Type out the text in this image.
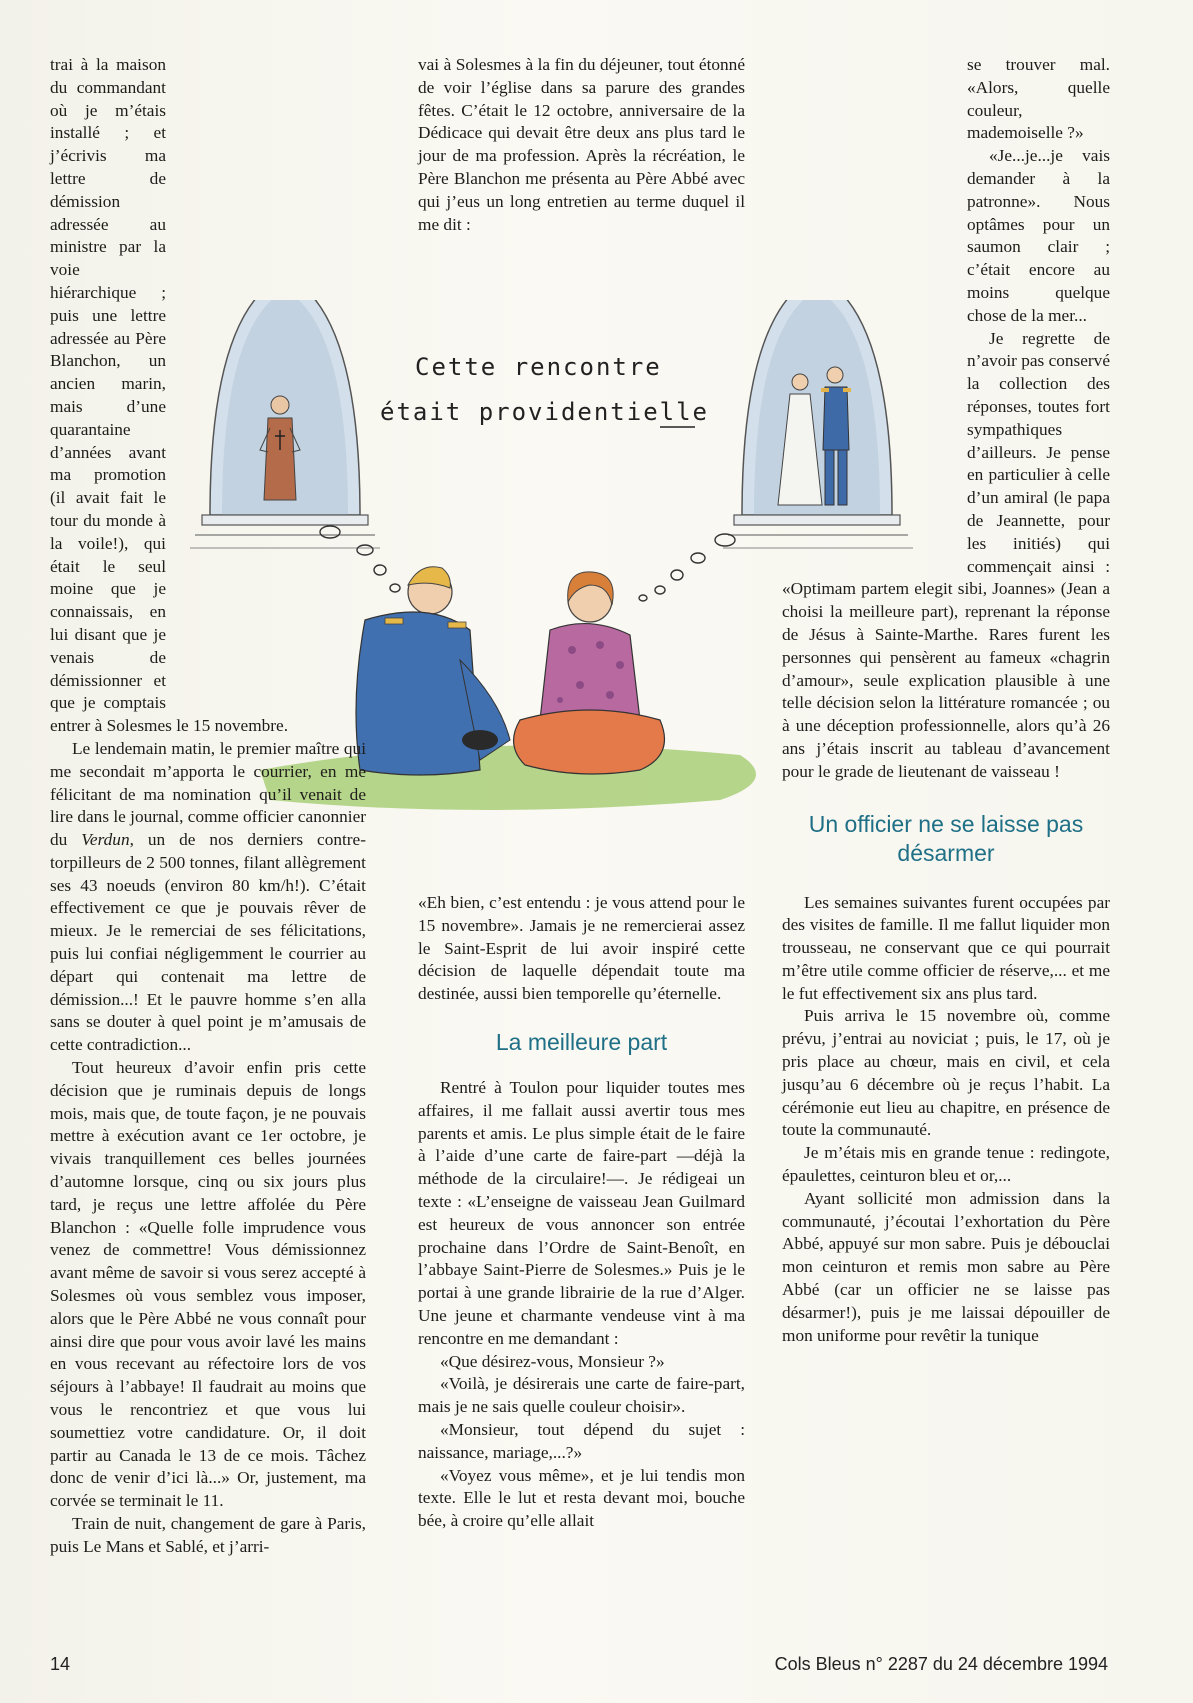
Cette rencontre
était providentielle

trai à la maison du commandant où je m’étais installé ; et j’écrivis ma lettre de démission adressée au ministre par la voie hiérarchique ; puis une lettre adressée au Père Blanchon, un ancien marin, mais d’une quarantaine d’années avant ma promotion (il avait fait le tour du monde à la voile!), qui était le seul moine que je connaissais, en lui disant que je venais de démissionner et que je comptais entrer à Solesmes le 15 novembre.

Le lendemain matin, le premier maître qui me secondait m’apporta le courrier, en me félicitant de ma nomination qu’il venait de lire dans le journal, comme officier canonnier du Verdun, un de nos derniers contre-torpilleurs de 2 500 tonnes, filant allègrement ses 43 noeuds (environ 80 km/h!). C’était effectivement ce que je pouvais rêver de mieux. Je le remerciai de ses félicitations, puis lui confiai négligemment le courrier au départ qui contenait ma lettre de démission...! Et le pauvre homme s’en alla sans se douter à quel point je m’amusais de cette contradiction...

Tout heureux d’avoir enfin pris cette décision que je ruminais depuis de longs mois, mais que, de toute façon, je ne pouvais mettre à exécution avant ce 1er octobre, je vivais tranquillement ces belles journées d’automne lorsque, cinq ou six jours plus tard, je reçus une lettre affolée du Père Blanchon : «Quelle folle imprudence vous venez de commettre! Vous démissionnez avant même de savoir si vous serez accepté à Solesmes où vous semblez vous imposer, alors que le Père Abbé ne vous connaît pour ainsi dire que pour vous avoir lavé les mains en vous recevant au réfectoire lors de vos séjours à l’abbaye! Il faudrait au moins que vous le rencontriez et que vous lui soumettiez votre candidature. Or, il doit partir au Canada le 13 de ce mois. Tâchez donc de venir d’ici là...» Or, justement, ma corvée se terminait le 11.

Train de nuit, changement de gare à Paris, puis Le Mans et Sablé, et j’arri-

vai à Solesmes à la fin du déjeuner, tout étonné de voir l’église dans sa parure des grandes fêtes. C’était le 12 octobre, anniversaire de la Dédicace qui devait être deux ans plus tard le jour de ma profession. Après la récréation, le Père Blanchon me présenta au Père Abbé avec qui j’eus un long entretien au terme duquel il me dit :

«Eh bien, c’est entendu : je vous attend pour le 15 novembre». Jamais je ne remercierai assez le Saint-Esprit de lui avoir inspiré cette décision de laquelle dépendait toute ma destinée, aussi bien temporelle qu’éternelle.

La meilleure part

Rentré à Toulon pour liquider toutes mes affaires, il me fallait aussi avertir tous mes parents et amis. Le plus simple était de le faire à l’aide d’une carte de faire-part —déjà la méthode de la circulaire!—. Je rédigeai un texte : «L’enseigne de vaisseau Jean Guilmard est heureux de vous annoncer son entrée prochaine dans l’Ordre de Saint-Benoît, en l’abbaye Saint-Pierre de Solesmes.» Puis je le portai à une grande librairie de la rue d’Alger. Une jeune et charmante vendeuse vint à ma rencontre en me demandant :

«Que désirez-vous, Monsieur ?»

«Voilà, je désirerais une carte de faire-part, mais je ne sais quelle couleur choisir».

«Monsieur, tout dépend du sujet : naissance, mariage,...?»

«Voyez vous même», et je lui tendis mon texte. Elle le lut et resta devant moi, bouche bée, à croire qu’elle allait

se trouver mal. «Alors, quelle couleur, mademoiselle ?»

«Je...je...je vais demander à la patronne». Nous optâmes pour un saumon clair ; c’était encore au moins quelque chose de la mer...

Je regrette de n’avoir pas conservé la collection des réponses, toutes fort sympathiques d’ailleurs. Je pense en particulier à celle d’un amiral (le papa de Jeannette, pour les initiés) qui commençait ainsi : «Optimam partem elegit sibi, Joannes» (Jean a choisi la meilleure part), reprenant la réponse de Jésus à Sainte-Marthe. Rares furent les personnes qui pensèrent au fameux «chagrin d’amour», seule explication plausible à une telle décision selon la littérature romancée ; ou à une déception professionnelle, alors qu’à 26 ans j’étais inscrit au tableau d’avancement pour le grade de lieutenant de vaisseau !

Un officier ne se laisse pas désarmer

Les semaines suivantes furent occupées par des visites de famille. Il me fallut liquider mon trousseau, ne conservant que ce qui pourrait m’être utile comme officier de réserve,... et me le fut effectivement six ans plus tard.

Puis arriva le 15 novembre où, comme prévu, j’entrai au noviciat ; puis, le 17, où je pris place au chœur, mais en civil, et cela jusqu’au 6 décembre où je reçus l’habit. La cérémonie eut lieu au chapitre, en présence de toute la communauté.

Je m’étais mis en grande tenue : redingote, épaulettes, ceinturon bleu et or,...

Ayant sollicité mon admission dans la communauté, j’écoutai l’exhortation du Père Abbé, appuyé sur mon sabre. Puis je débouclai mon ceinturon et remis mon sabre au Père Abbé (car un officier ne se laisse pas désarmer!), puis je me laissai dépouiller de mon uniforme pour revêtir la tunique

14	Cols Bleus n° 2287 du 24 décembre 1994
